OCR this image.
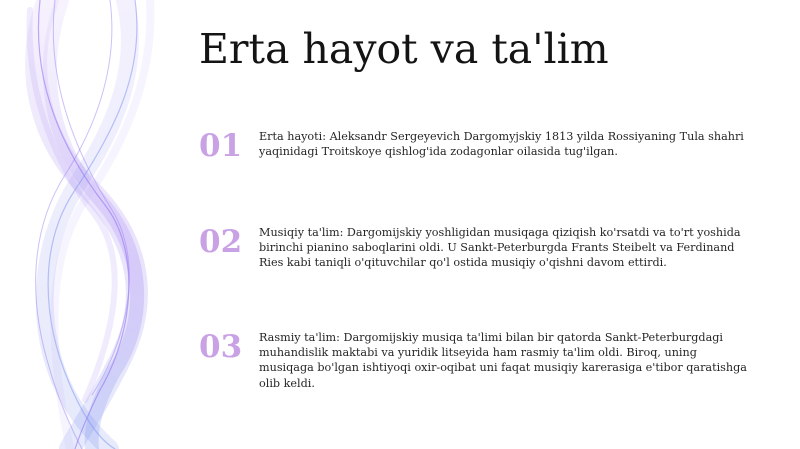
Erta hayot va ta'lim
01 Erta hayoti: Aleksandr Sergeyevich Dargomyjskiy 1813 yilda Rossiyaning Tula shahri yaqinidagi Troitskoye qishlog'ida zodagonlar oilasida tug'ilgan.

02 Musiqiy ta'lim: Dargomijskiy yoshligidan musiqaga qiziqish ko'rsatdi va to'rt yoshida birinchi pianino saboqlarini oldi. U Sankt-Peterburgda Frants Steibelt va Ferdinand Ries kabi taniqli o'qituvchilar qo'l ostida musiqiy o'qishni davom ettirdi.

03 Rasmiy ta'lim: Dargomijskiy musiqa ta'limi bilan bir qatorda Sankt-Peterburgdagi muhandislik maktabi va yuridik litseyida ham rasmiy ta'lim oldi. Biroq, uning musiqaga bo'lgan ishtiyoqi oxir-oqibat uni faqat musiqiy karerasiga e'tibor qaratishga olib keldi.
